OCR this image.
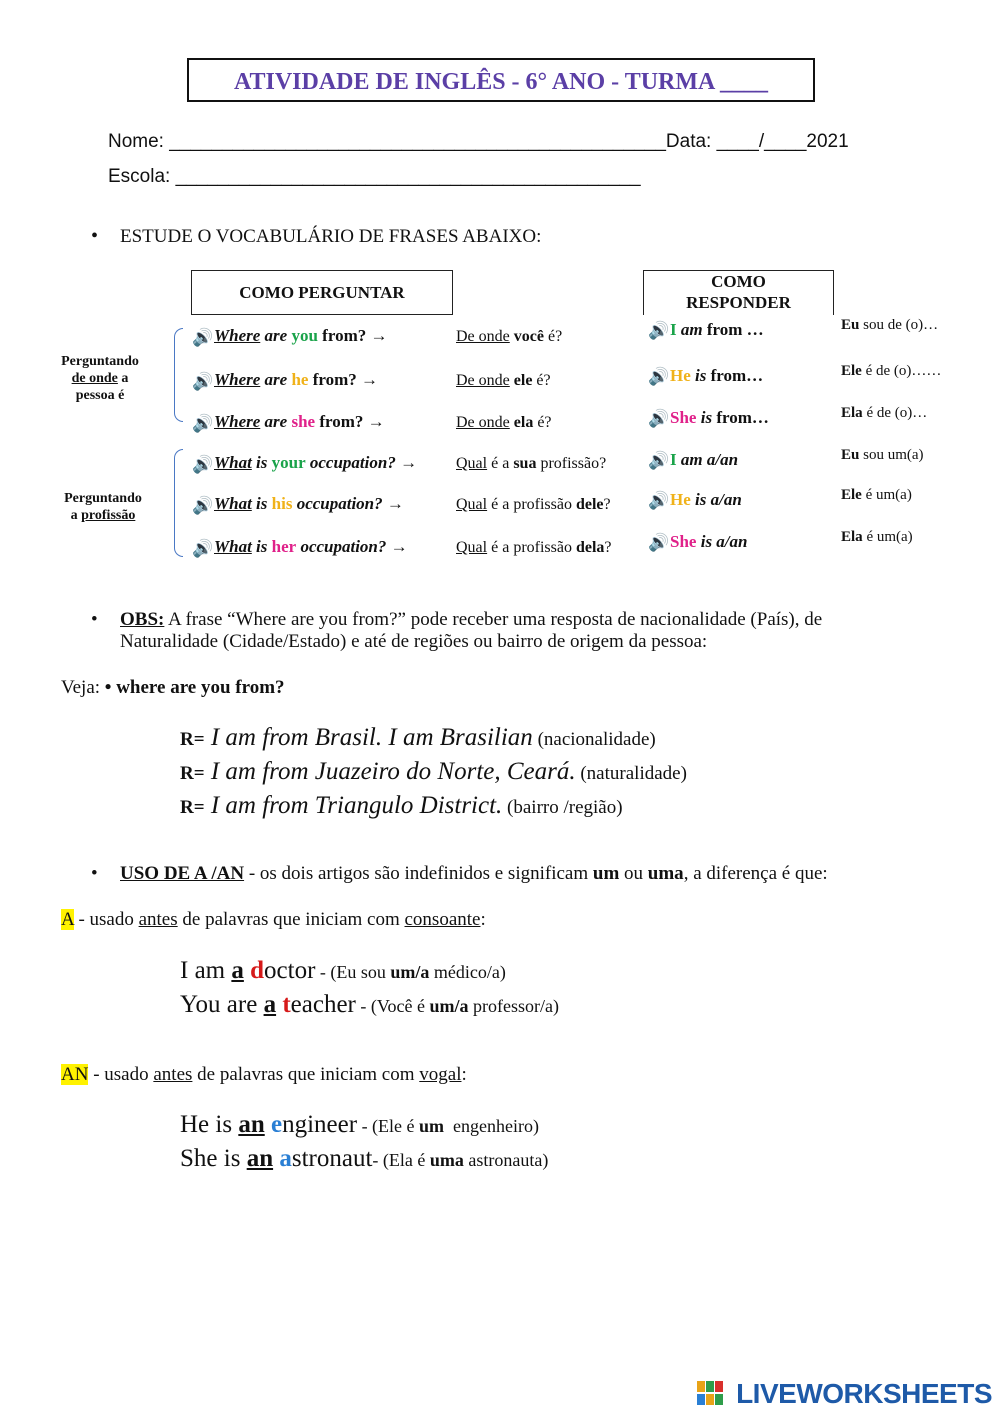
ATIVIDADE DE INGLÊS - 6° ANO - TURMA ____
Nome: _______________________________________________Data: ____/____2021
Escola: ____________________________________________
• ESTUDE O VOCABULÁRIO DE FRASES ABAIXO:
Perguntando
de onde a
pessoa é
Perguntando
a profissão
COMO PERGUNTAR
COMO RESPONDER
🔊Where are you from? →	De onde você é?	🔊I am from …	Eu sou de (o)…
🔊Where are he from? →	De onde ele é?	🔊He is from…	Ele é de (o)……
🔊Where are she from? →	De onde ela é?	🔊She is from…	Ela é de (o)…
🔊What is your occupation? →	Qual é a sua profissão?	🔊I am a/an	Eu sou um(a)
🔊What is his occupation? →	Qual é a profissão dele?	🔊He is a/an	Ele é um(a)
🔊What is her occupation? →	Qual é a profissão dela?	🔊She is a/an	Ela é um(a)
• OBS: A frase “Where are you from?” pode receber uma resposta de nacionalidade (País), de
Naturalidade (Cidade/Estado) e até de regiões ou bairro de origem da pessoa:
Veja: • where are you from?
R= I am from Brasil. I am Brasilian (nacionalidade)
R= I am from Juazeiro do Norte, Ceará. (naturalidade)
R= I am from Triangulo District. (bairro /região)
• USO DE A /AN - os dois artigos são indefinidos e significam um ou uma, a diferença é que:
A - usado antes de palavras que iniciam com consoante:
I am a doctor - (Eu sou um/a médico/a)
You are a teacher - (Você é um/a professor/a)
AN - usado antes de palavras que iniciam com vogal:
He is an engineer - (Ele é um  engenheiro)
She is an astronaut- (Ela é uma astronauta)
LIVEWORKSHEETS
